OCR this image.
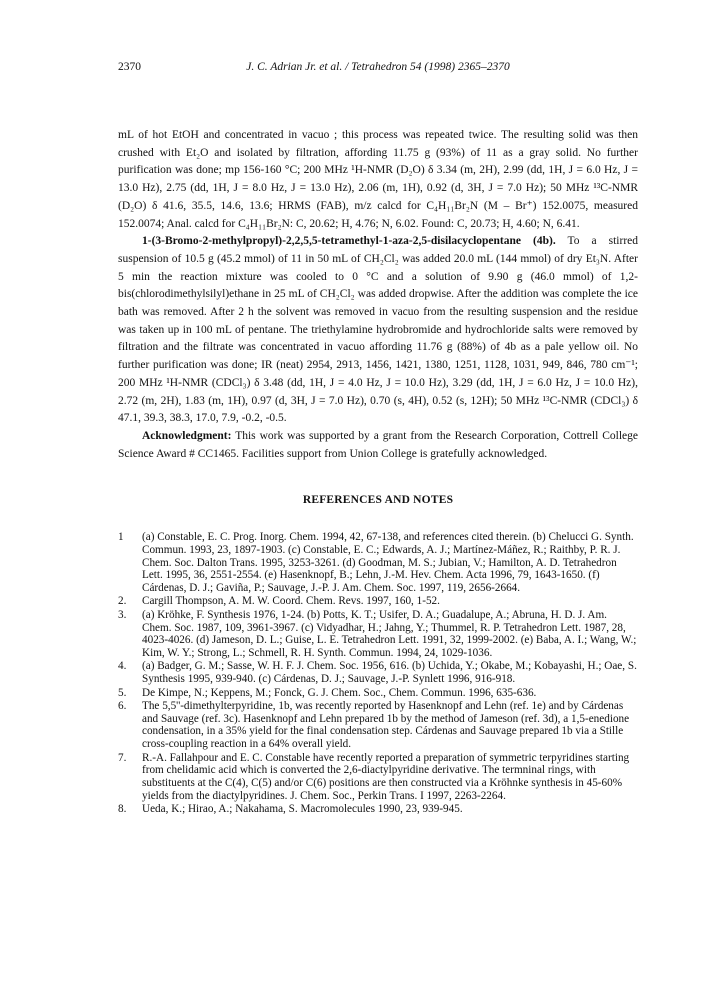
2370	J. C. Adrian Jr. et al. / Tetrahedron 54 (1998) 2365–2370

mL of hot EtOH and concentrated in vacuo ; this process was repeated twice. The resulting solid was then crushed with Et₂O and isolated by filtration, affording 11.75 g (93%) of 11 as a gray solid. No further purification was done; mp 156-160 °C; 200 MHz ¹H-NMR (D₂O) δ 3.34 (m, 2H), 2.99 (dd, 1H, J = 6.0 Hz, J = 13.0 Hz), 2.75 (dd, 1H, J = 8.0 Hz, J = 13.0 Hz), 2.06 (m, 1H), 0.92 (d, 3H, J = 7.0 Hz); 50 MHz ¹³C-NMR (D₂O) δ 41.6, 35.5, 14.6, 13.6; HRMS (FAB), m/z calcd for C₄H₁₁Br₂N (M – Br⁺) 152.0075, measured 152.0074; Anal. calcd for C₄H₁₁Br₂N: C, 20.62; H, 4.76; N, 6.02. Found: C, 20.73; H, 4.60; N, 6.41.

1-(3-Bromo-2-methylpropyl)-2,2,5,5-tetramethyl-1-aza-2,5-disilacyclopentane (4b). To a stirred suspension of 10.5 g (45.2 mmol) of 11 in 50 mL of CH₂Cl₂ was added 20.0 mL (144 mmol) of dry Et₃N. After 5 min the reaction mixture was cooled to 0 °C and a solution of 9.90 g (46.0 mmol) of 1,2-bis(chlorodimethylsilyl)ethane in 25 mL of CH₂Cl₂ was added dropwise. After the addition was complete the ice bath was removed. After 2 h the solvent was removed in vacuo from the resulting suspension and the residue was taken up in 100 mL of pentane. The triethylamine hydrobromide and hydrochloride salts were removed by filtration and the filtrate was concentrated in vacuo affording 11.76 g (88%) of 4b as a pale yellow oil. No further purification was done; IR (neat) 2954, 2913, 1456, 1421, 1380, 1251, 1128, 1031, 949, 846, 780 cm⁻¹; 200 MHz ¹H-NMR (CDCl₃) δ 3.48 (dd, 1H, J = 4.0 Hz, J = 10.0 Hz), 3.29 (dd, 1H, J = 6.0 Hz, J = 10.0 Hz), 2.72 (m, 2H), 1.83 (m, 1H), 0.97 (d, 3H, J = 7.0 Hz), 0.70 (s, 4H), 0.52 (s, 12H); 50 MHz ¹³C-NMR (CDCl₃) δ 47.1, 39.3, 38.3, 17.0, 7.9, -0.2, -0.5.

Acknowledgment: This work was supported by a grant from the Research Corporation, Cottrell College Science Award # CC1465. Facilities support from Union College is gratefully acknowledged.

REFERENCES AND NOTES
1	(a) Constable, E. C. Prog. Inorg. Chem. 1994, 42, 67-138, and references cited therein. (b) Chelucci G. Synth. Commun. 1993, 23, 1897-1903. (c) Constable, E. C.; Edwards, A. J.; Martínez-Máñez, R.; Raithby, P. R. J. Chem. Soc. Dalton Trans. 1995, 3253-3261. (d) Goodman, M. S.; Jubian, V.; Hamilton, A. D. Tetrahedron Lett. 1995, 36, 2551-2554. (e) Hasenknopf, B.; Lehn, J.-M. Hev. Chem. Acta 1996, 79, 1643-1650. (f) Cárdenas, D. J.; Gaviña, P.; Sauvage, J.-P. J. Am. Chem. Soc. 1997, 119, 2656-2664.
2.	Cargill Thompson, A. M. W. Coord. Chem. Revs. 1997, 160, 1-52.
3.	(a) Kröhke, F. Synthesis 1976, 1-24. (b) Potts, K. T.; Usifer, D. A.; Guadalupe, A.; Abruna, H. D. J. Am. Chem. Soc. 1987, 109, 3961-3967. (c) Vidyadhar, H.; Jahng, Y.; Thummel, R. P. Tetrahedron Lett. 1987, 28, 4023-4026. (d) Jameson, D. L.; Guise, L. E. Tetrahedron Lett. 1991, 32, 1999-2002. (e) Baba, A. I.; Wang, W.; Kim, W. Y.; Strong, L.; Schmell, R. H. Synth. Commun. 1994, 24, 1029-1036.
4.	(a) Badger, G. M.; Sasse, W. H. F. J. Chem. Soc. 1956, 616. (b) Uchida, Y.; Okabe, M.; Kobayashi, H.; Oae, S. Synthesis 1995, 939-940. (c) Cárdenas, D. J.; Sauvage, J.-P. Synlett 1996, 916-918.
5.	De Kimpe, N.; Keppens, M.; Fonck, G. J. Chem. Soc., Chem. Commun. 1996, 635-636.
6.	The 5,5''-dimethylterpyridine, 1b, was recently reported by Hasenknopf and Lehn (ref. 1e) and by Cárdenas and Sauvage (ref. 3c). Hasenknopf and Lehn prepared 1b by the method of Jameson (ref. 3d), a 1,5-enedione condensation, in a 35% yield for the final condensation step. Cárdenas and Sauvage prepared 1b via a Stille cross-coupling reaction in a 64% overall yield.
7.	R.-A. Fallahpour and E. C. Constable have recently reported a preparation of symmetric terpyridines starting from chelidamic acid which is converted the 2,6-diactylpyridine derivative. The termninal rings, with substituents at the C(4), C(5) and/or C(6) positions are then constructed via a Kröhnke synthesis in 45-60% yields from the diactylpyridines. J. Chem. Soc., Perkin Trans. I 1997, 2263-2264.
8.	Ueda, K.; Hirao, A.; Nakahama, S. Macromolecules 1990, 23, 939-945.
